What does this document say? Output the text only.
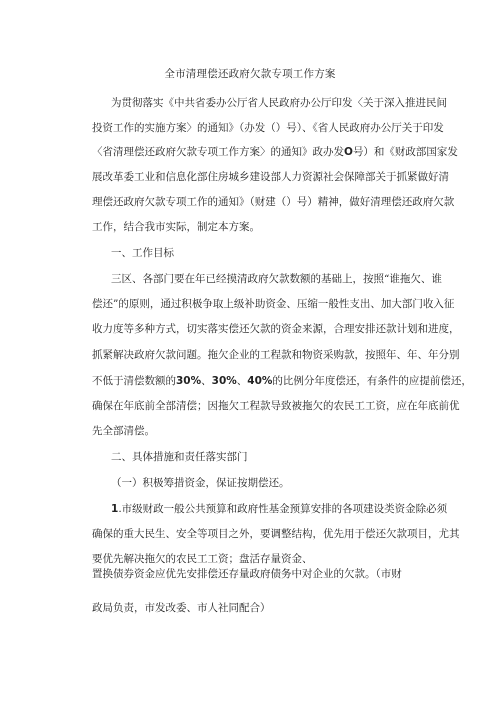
全市清理偿还政府欠款专项工作方案
为贯彻落实《中共省委办公厅省人民政府办公厅印发〈关于深入推进民间
投资工作的实施方案〉的通知》（办发（）号）、《省人民政府办公厅关于印发
〈省清理偿还政府欠款专项工作方案〉的通知》政办发O号）和《财政部国家发
展改革委工业和信息化部住房城乡建设部人力资源社会保障部关于抓紧做好清
理偿还政府欠款专项工作的通知》（财建（）号）精神，做好清理偿还政府欠款
工作，结合我市实际，制定本方案。
一、工作目标
三区、各部门要在年已经摸清政府欠款数额的基础上，按照“谁拖欠、谁
偿还”的原则，通过积极争取上级补助资金、压缩一般性支出、加大部门收入征
收力度等多种方式，切实落实偿还欠款的资金来源，合理安排还款计划和进度，
抓紧解决政府欠款问题。拖欠企业的工程款和物资采购款，按照年、年、年分别
不低于清偿数额的30%、30%、40%的比例分年度偿还，有条件的应提前偿还，
确保在年底前全部清偿；因拖欠工程款导致被拖欠的农民工工资，应在年底前优
先全部清偿。
二、具体措施和责任落实部门
（一）积极筹措资金，保证按期偿还。
1.市级财政一般公共预算和政府性基金预算安排的各项建设类资金除必须
确保的重大民生、安全等项目之外，要调整结构，优先用于偿还欠款项目，尤其
要优先解决拖欠的农民工工资；盘活存量资金、
置换债券资金应优先安排偿还存量政府债务中对企业的欠款。（市财
政局负责，市发改委、市人社同配合）
